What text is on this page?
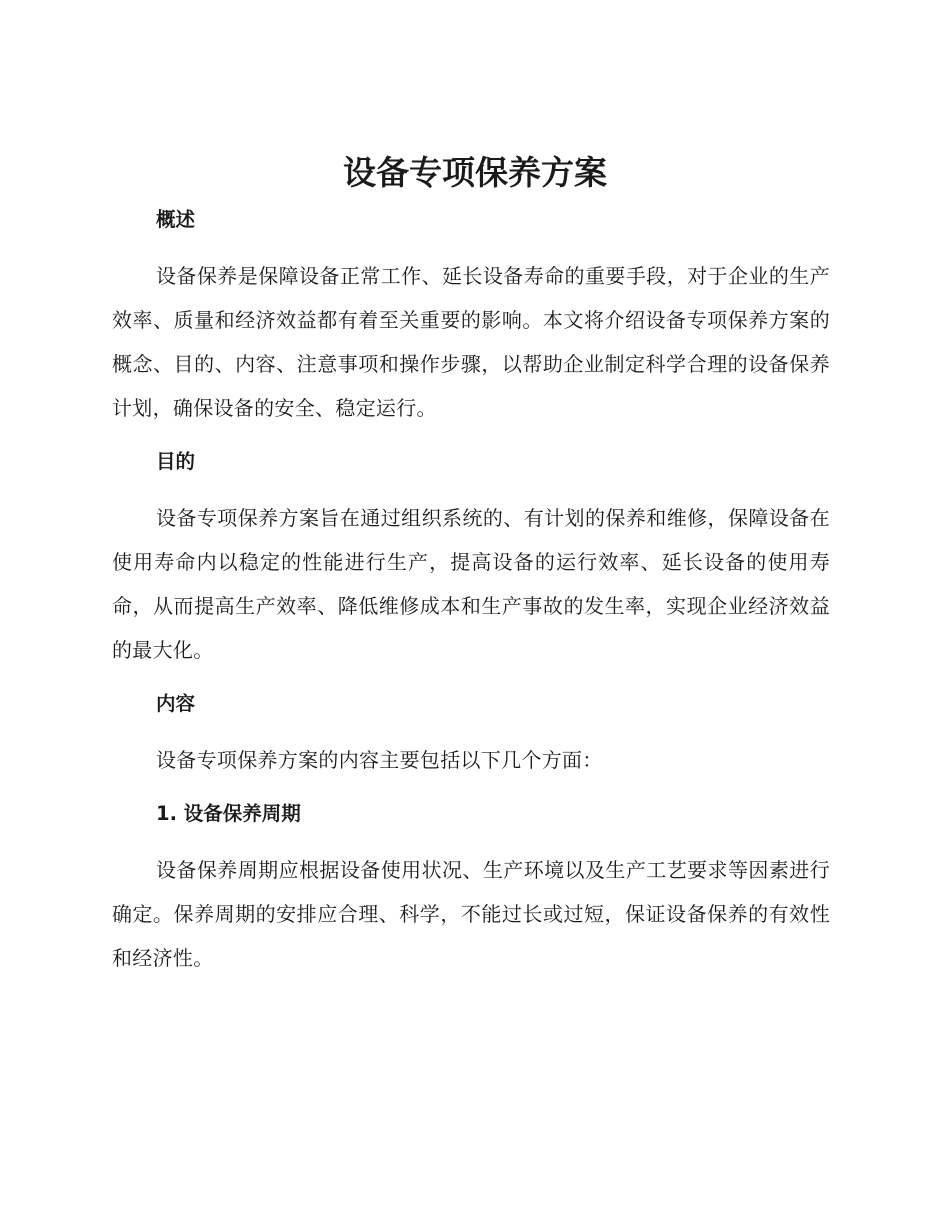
设备专项保养方案
概述

设备保养是保障设备正常工作、延长设备寿命的重要手段，对于企业的生产效率、质量和经济效益都有着至关重要的影响。本文将介绍设备专项保养方案的概念、目的、内容、注意事项和操作步骤，以帮助企业制定科学合理的设备保养计划，确保设备的安全、稳定运行。

目的

设备专项保养方案旨在通过组织系统的、有计划的保养和维修，保障设备在使用寿命内以稳定的性能进行生产，提高设备的运行效率、延长设备的使用寿命，从而提高生产效率、降低维修成本和生产事故的发生率，实现企业经济效益的最大化。

内容

设备专项保养方案的内容主要包括以下几个方面：

1. 设备保养周期

设备保养周期应根据设备使用状况、生产环境以及生产工艺要求等因素进行确定。保养周期的安排应合理、科学，不能过长或过短，保证设备保养的有效性和经济性。
